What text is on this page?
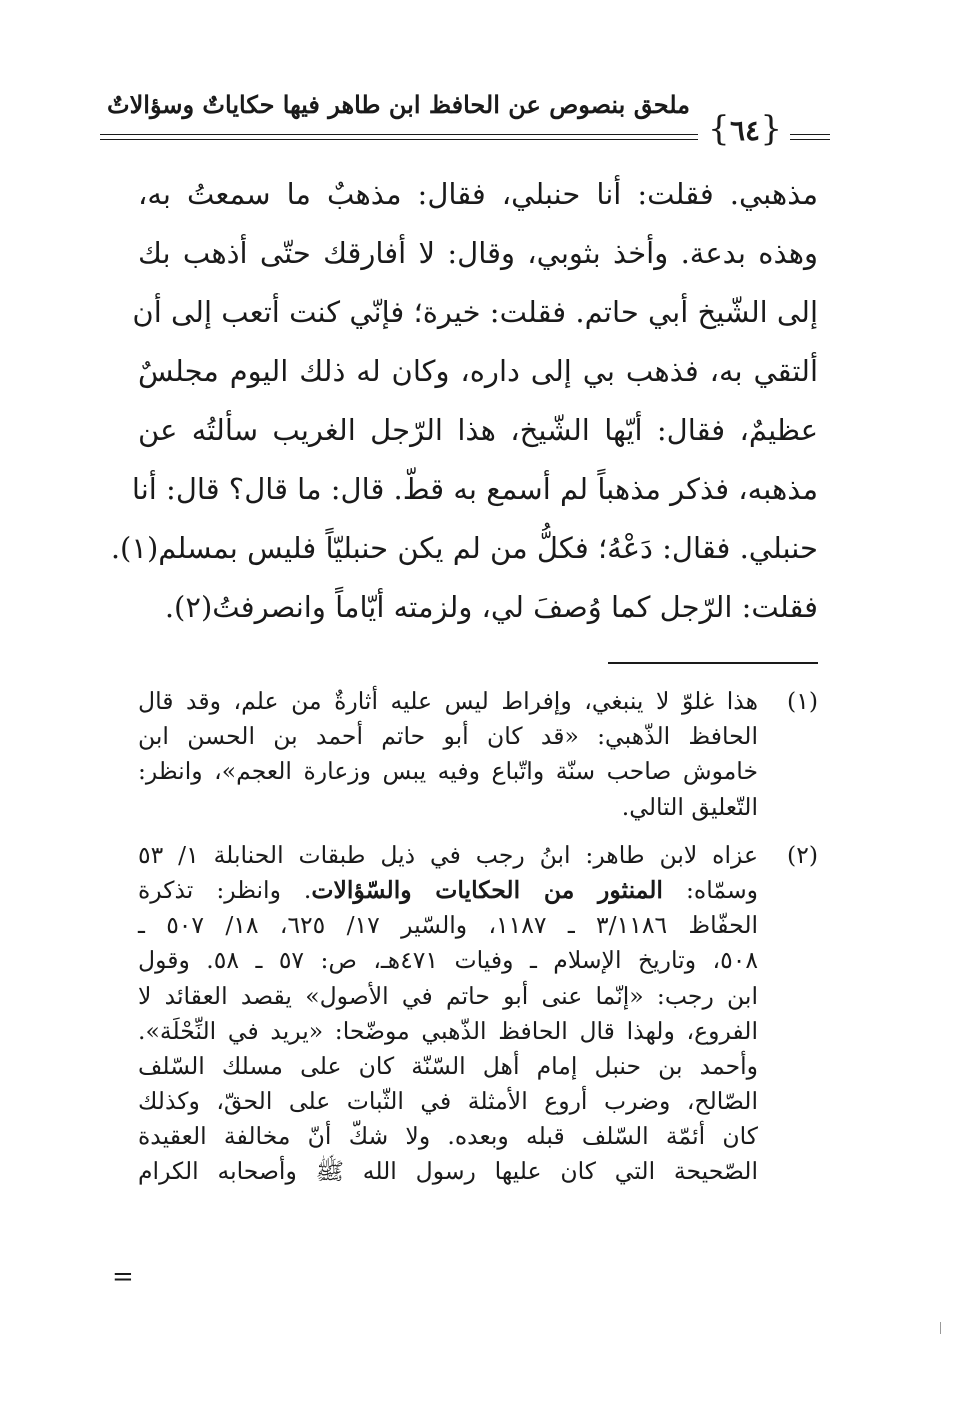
{ ٦٤ }
ملحق بنصوص عن الحافظ ابن طاهر فيها حكاياتٌ وسؤالاتٌ
مذهبي. فقلت: أنا حنبلي، فقال: مذهبٌ ما سمعتُ به،
وهذه بدعة. وأخذ بثوبي، وقال: لا أفارقك حتّى أذهب بك
إلى الشّيخ أبي حاتم. فقلت: خيرة؛ فإنّي كنت أتعب إلى أن
ألتقي به، فذهب بي إلى داره، وكان له ذلك اليوم مجلسٌ
عظيمٌ، فقال: أيّها الشّيخ، هذا الرّجل الغريب سألتُه عن
مذهبه، فذكر مذهباً لم أسمع به قطّ. قال: ما قال؟ قال: أنا
حنبلي. فقال: دَعْهُ؛ فكلُّ من لم يكن حنبليّاً فليس بمسلم(١).
فقلت: الرّجل كما وُصفَ لي، ولزمته أيّاماً وانصرفتُ(٢).
(١)
هذا غلوّ لا ينبغي، وإفراط ليس عليه أثارةٌ من علم، وقد قال
الحافظ الذّهبي: «قد كان أبو حاتم أحمد بن الحسن ابن
خاموش صاحب سنّة واتّباع وفيه يبس وزعارة العجم»، وانظر:
التّعليق التالي.
(٢)
عزاه لابن طاهر: ابنُ رجب في ذيل طبقات الحنابلة ١/ ٥٣
وسمّاه: المنثور من الحكايات والسّؤالات. وانظر: تذكرة
الحفّاظ ٣/١١٨٦ ـ ١١٨٧، والسّير ١٧/ ٦٢٥، ١٨/ ٥٠٧ ـ
٥٠٨، وتاريخ الإسلام ـ وفيات ٤٧١هـ، ص: ٥٧ ـ ٥٨. وقول
ابن رجب: «إنّما عنى أبو حاتم في الأصول» يقصد العقائد لا
الفروع، ولهذا قال الحافظ الذّهبي موضّحا: «يريد في النِّحْلَة».
وأحمد بن حنبل إمام أهل السّنّة كان على مسلك السّلف
الصّالح، وضرب أروع الأمثلة في الثّبات على الحقّ، وكذلك
كان أئمّة السّلف قبله وبعده. ولا شكّ أنّ مخالفة العقيدة
الصّحيحة التي كان عليها رسول الله ﷺ وأصحابه الكرام
=
